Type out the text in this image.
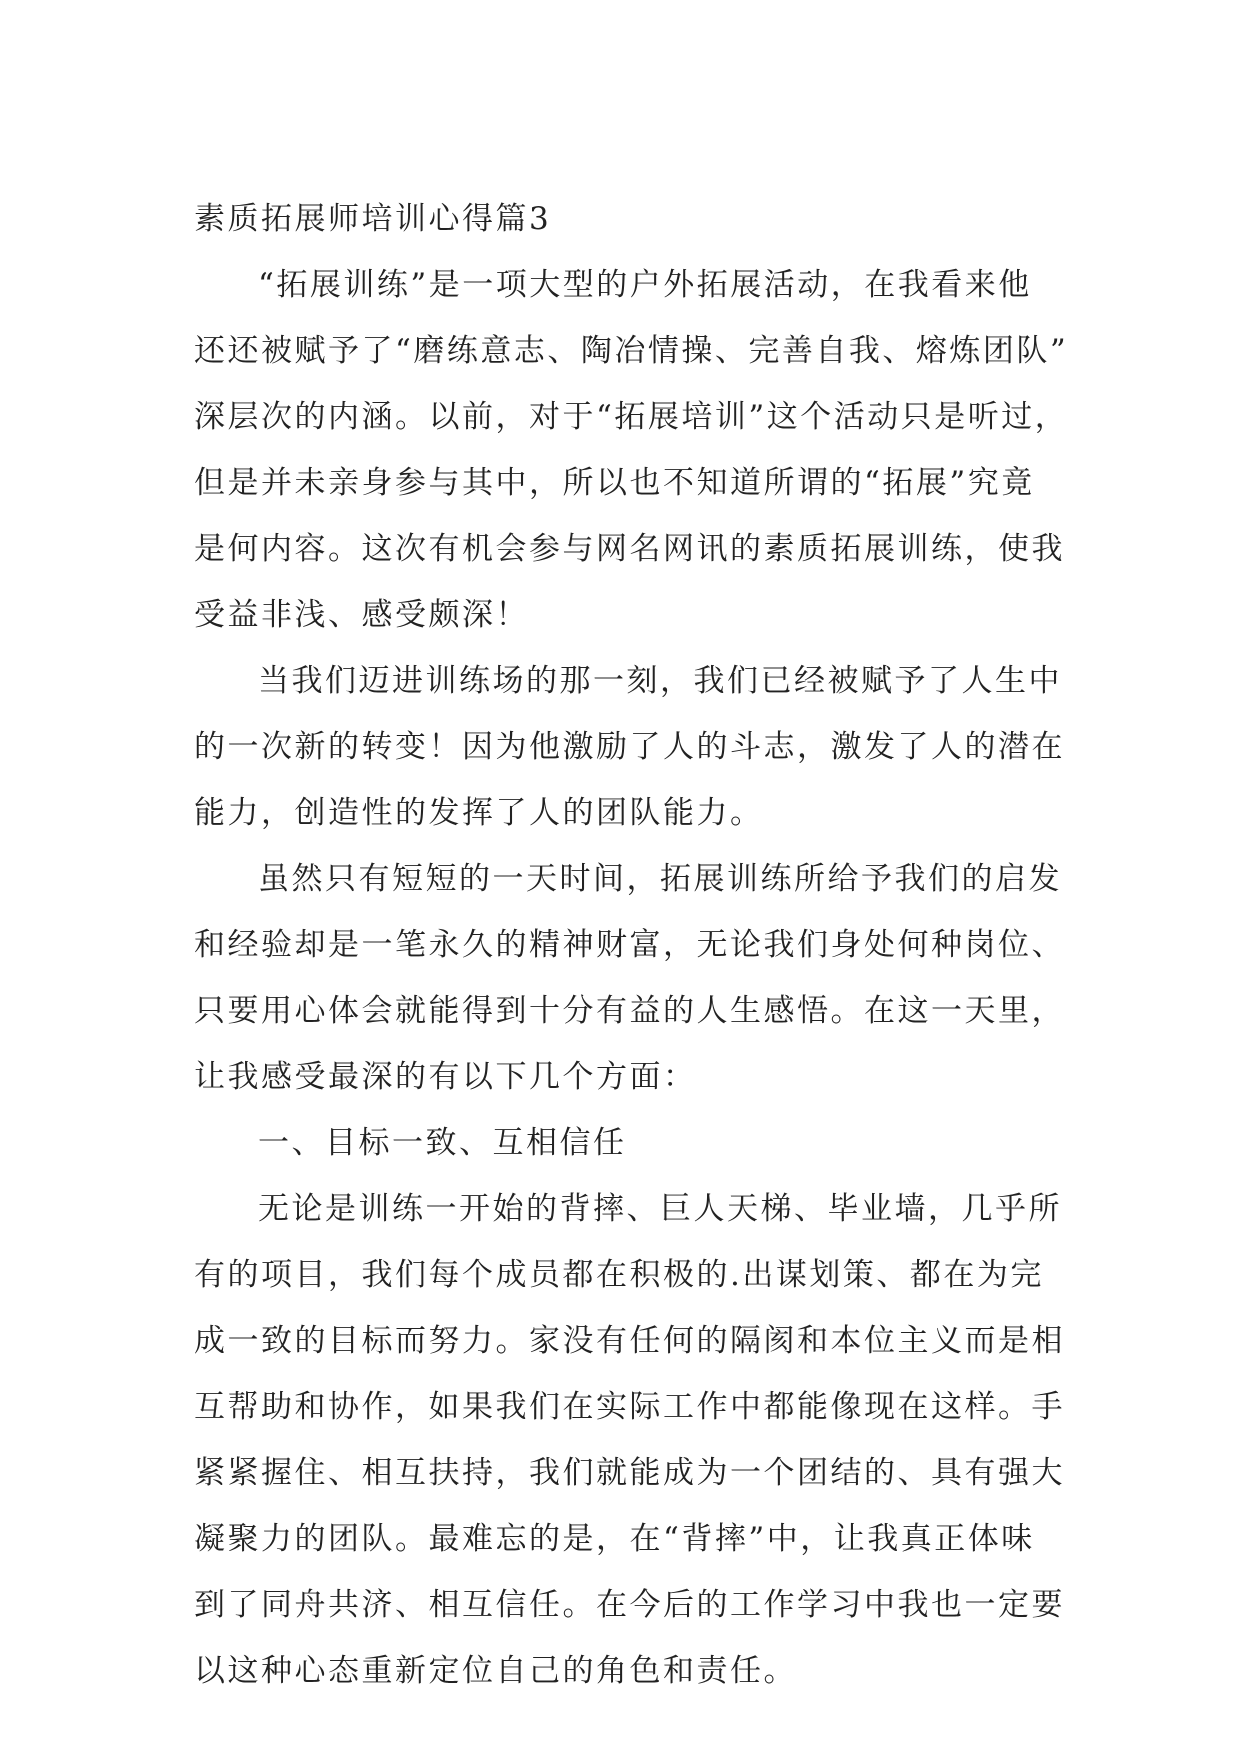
素质拓展师培训心得篇3

“拓展训练”是一项大型的户外拓展活动，在我看来他
还还被赋予了“磨练意志、陶冶情操、完善自我、熔炼团队”
深层次的内涵。以前，对于“拓展培训”这个活动只是听过，
但是并未亲身参与其中，所以也不知道所谓的“拓展”究竟
是何内容。这次有机会参与网名网讯的素质拓展训练，使我
受益非浅、感受颇深！

当我们迈进训练场的那一刻，我们已经被赋予了人生中
的一次新的转变！因为他激励了人的斗志，激发了人的潜在
能力，创造性的发挥了人的团队能力。

虽然只有短短的一天时间，拓展训练所给予我们的启发
和经验却是一笔永久的精神财富，无论我们身处何种岗位、
只要用心体会就能得到十分有益的人生感悟。在这一天里，
让我感受最深的有以下几个方面：

一、目标一致、互相信任

无论是训练一开始的背摔、巨人天梯、毕业墙，几乎所
有的项目，我们每个成员都在积极的.出谋划策、都在为完
成一致的目标而努力。家没有任何的隔阂和本位主义而是相
互帮助和协作，如果我们在实际工作中都能像现在这样。手
紧紧握住、相互扶持，我们就能成为一个团结的、具有强大
凝聚力的团队。最难忘的是，在“背摔”中，让我真正体味
到了同舟共济、相互信任。在今后的工作学习中我也一定要
以这种心态重新定位自己的角色和责任。
